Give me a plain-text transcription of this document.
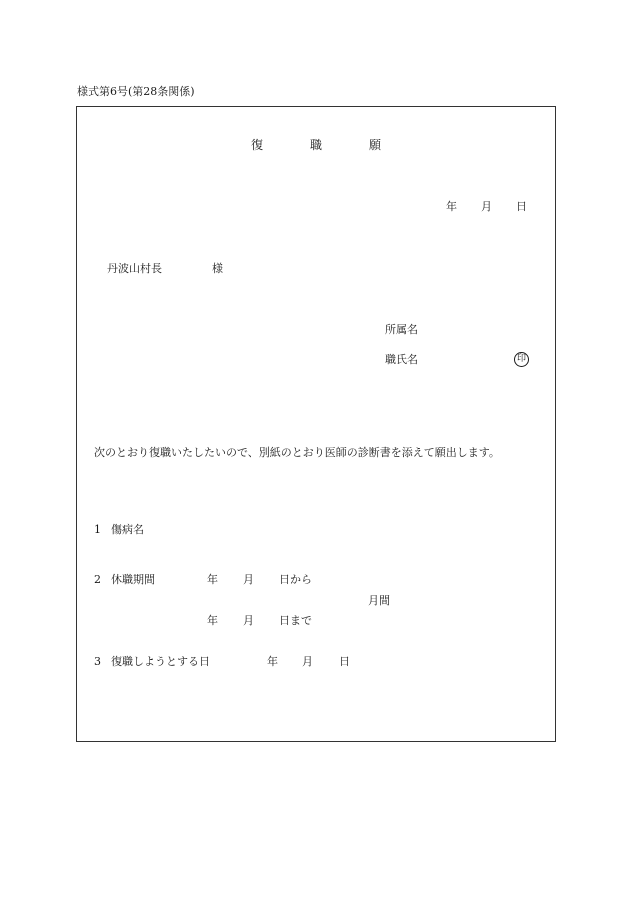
様式第6号(第28条関係)
復	職	願
年 月 日
丹波山村長	様
所属名
職氏名	印
次のとおり復職いたしたいので、別紙のとおり医師の診断書を添えて願出します。
1 傷病名
2 休職期間	年 月 日から
月間
年 月 日まで
3 復職しようとする日	年 月 日
